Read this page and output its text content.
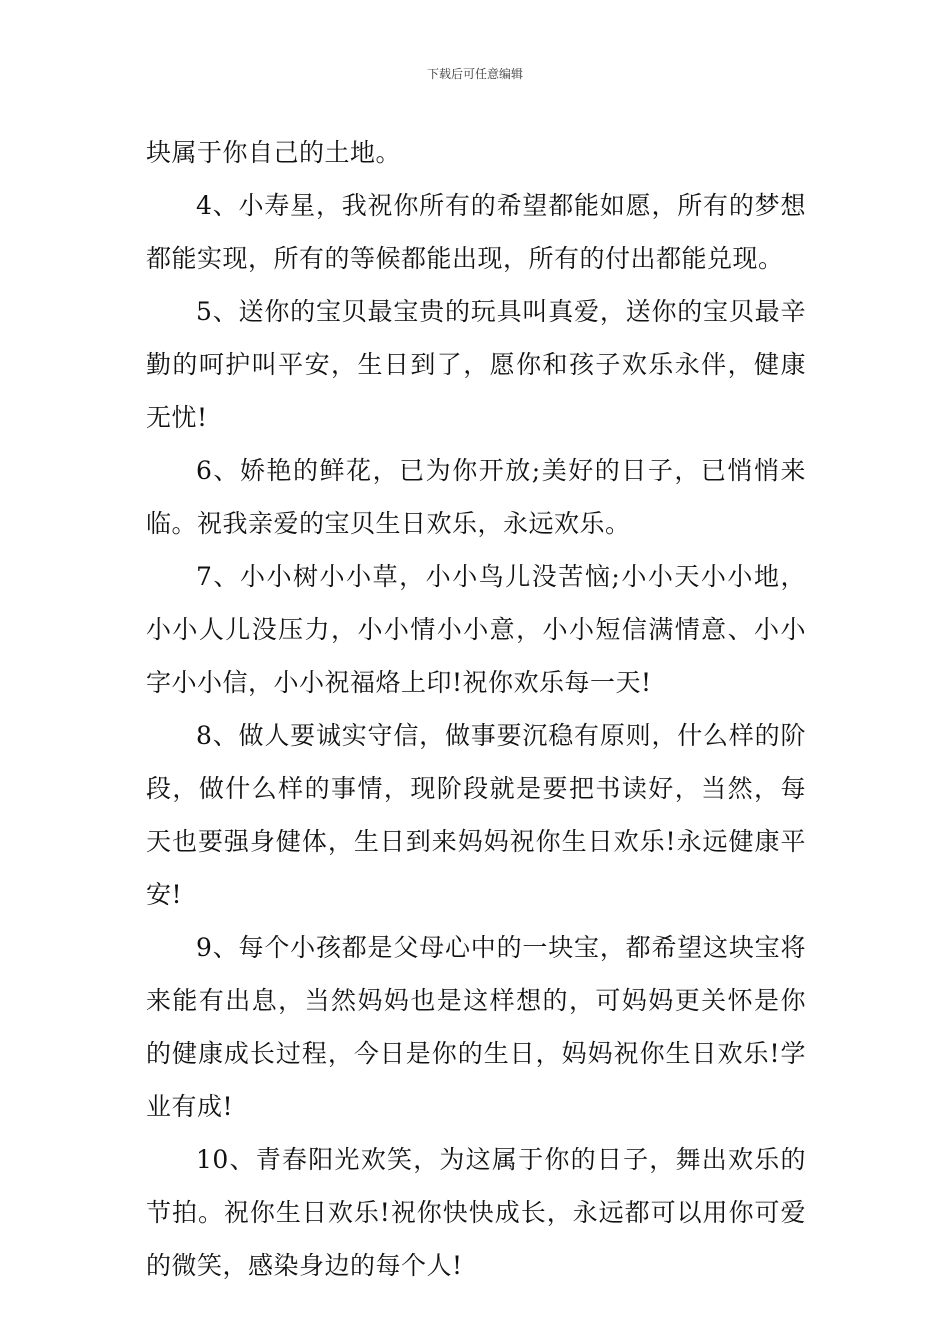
下载后可任意编辑

块属于你自己的土地。

4、小寿星，我祝你所有的希望都能如愿，所有的梦想都能实现，所有的等候都能出现，所有的付出都能兑现。

5、送你的宝贝最宝贵的玩具叫真爱，送你的宝贝最辛勤的呵护叫平安，生日到了，愿你和孩子欢乐永伴，健康无忧!

6、娇艳的鲜花，已为你开放;美好的日子，已悄悄来临。祝我亲爱的宝贝生日欢乐，永远欢乐。

7、小小树小小草，小小鸟儿没苦恼;小小天小小地，小小人儿没压力，小小情小小意，小小短信满情意、小小字小小信，小小祝福烙上印!祝你欢乐每一天!

8、做人要诚实守信，做事要沉稳有原则，什么样的阶段，做什么样的事情，现阶段就是要把书读好，当然，每天也要强身健体，生日到来妈妈祝你生日欢乐!永远健康平安!

9、每个小孩都是父母心中的一块宝，都希望这块宝将来能有出息，当然妈妈也是这样想的，可妈妈更关怀是你的健康成长过程，今日是你的生日，妈妈祝你生日欢乐!学业有成!

10、青春阳光欢笑，为这属于你的日子，舞出欢乐的节拍。祝你生日欢乐!祝你快快成长，永远都可以用你可爱的微笑，感染身边的每个人!
